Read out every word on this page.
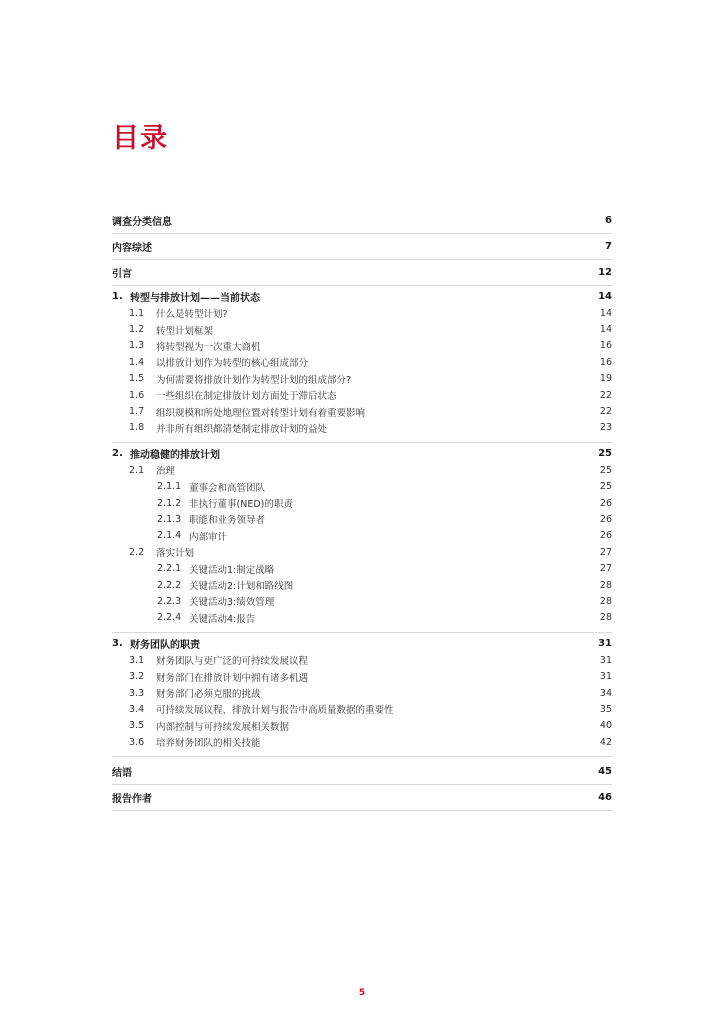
目录
调查分类信息	6
内容综述	7
引言	12
1. 转型与排放计划——当前状态	14
1.1	什么是转型计划?	14
1.2	转型计划框架	14
1.3	将转型视为一次重大商机	16
1.4	以排放计划作为转型的核心组成部分	16
1.5	为何需要将排放计划作为转型计划的组成部分?	19
1.6	一些组织在制定排放计划方面处于滞后状态	22
1.7	组织规模和所处地理位置对转型计划有着重要影响	22
1.8	并非所有组织都清楚制定排放计划的益处	23
2. 推动稳健的排放计划	25
2.1	治理	25
2.1.1 董事会和高管团队	25
2.1.2 非执行董事(NED)的职责	26
2.1.3 职能和业务领导者	26
2.1.4 内部审计	26
2.2	落实计划	27
2.2.1 关键活动1:制定战略	27
2.2.2 关键活动2:计划和路线图	28
2.2.3 关键活动3:绩效管理	28
2.2.4 关键活动4:报告	28
3. 财务团队的职责	31
3.1	财务团队与更广泛的可持续发展议程	31
3.2	财务部门在排放计划中拥有诸多机遇	31
3.3	财务部门必须克服的挑战	34
3.4	可持续发展议程、排放计划与报告中高质量数据的重要性	35
3.5	内部控制与可持续发展相关数据	40
3.6	培养财务团队的相关技能	42
结语	45
报告作者	46
5
